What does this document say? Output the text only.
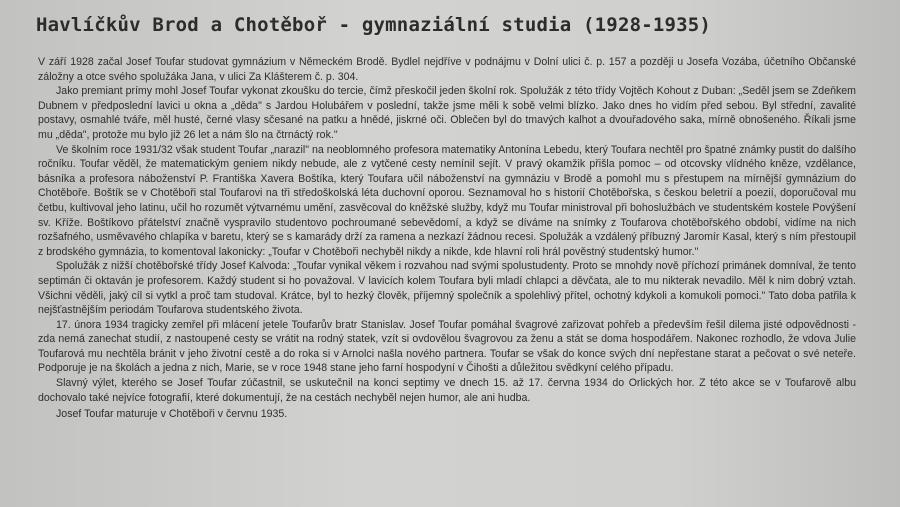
Havlíčkův Brod a Chotěboř - gymnaziální studia (1928-1935)

V září 1928 začal Josef Toufar studovat gymnázium v Německém Brodě. Bydlel nejdříve v podnájmu v Dolní ulici č. p. 157 a později u Josefa Vozába, účetního Občanské záložny a otce svého spolužáka Jana, v ulici Za Klášterem č. p. 304.

Jako premiant prímy mohl Josef Toufar vykonat zkoušku do tercie, čímž přeskočil jeden školní rok. Spolužák z této třídy Vojtěch Kohout z Duban: „Seděl jsem se Zdeňkem Dubnem v předposlední lavici u okna a „děda" s Jardou Holubářem v poslední, takže jsme měli k sobě velmi blízko. Jako dnes ho vidím před sebou. Byl střední, zavalité postavy, osmahlé tváře, měl husté, černé vlasy sčesané na patku a hnědé, jiskrné oči. Oblečen byl do tmavých kalhot a dvouřadového saka, mírně obnošeného. Říkali jsme mu „děda", protože mu bylo již 26 let a nám šlo na čtrnáctý rok."

Ve školním roce 1931/32 však student Toufar „narazil" na neoblomného profesora matematiky Antonína Lebedu, který Toufara nechtěl pro špatné známky pustit do dalšího ročníku. Toufar věděl, že matematickým geniem nikdy nebude, ale z vytčené cesty nemínil sejít. V pravý okamžik přišla pomoc – od otcovsky vlídného kněze, vzdělance, básníka a profesora náboženství P. Františka Xavera Boštíka, který Toufara učil náboženství na gymnáziu v Brodě a pomohl mu s přestupem na mírnější gymnázium do Chotěboře. Boštík se v Chotěboři stal Toufarovi na tři středoškolská léta duchovní oporou. Seznamoval ho s historií Chotěbořska, s českou beletrií a poezií, doporučoval mu četbu, kultivoval jeho latinu, učil ho rozumět výtvarnému umění, zasvěcoval do kněžské služby, když mu Toufar ministroval při bohoslužbách ve studentském kostele Povýšení sv. Kříže. Boštíkovo přátelství značně vyspravilo studentovo pochroumané sebevědomí, a když se díváme na snímky z Toufarova chotěbořského období, vidíme na nich rozšafného, usměvavého chlapíka v baretu, který se s kamarády drží za ramena a nezkazí žádnou recesi. Spolužák a vzdálený příbuzný Jaromír Kasal, který s ním přestoupil z brodského gymnázia, to komentoval lakonicky: „Toufar v Chotěboři nechyběl nikdy a nikde, kde hlavní roli hrál pověstný studentský humor."

Spolužák z nižší chotěbořské třídy Josef Kalvoda: „Toufar vynikal věkem i rozvahou nad svými spolustudenty. Proto se mnohdy nově příchozí primánek domníval, že tento septimán či oktaván je profesorem. Každý student si ho považoval. V lavicích kolem Toufara byli mladí chlapci a děvčata, ale to mu nikterak nevadilo. Měl k nim dobrý vztah. Všichni věděli, jaký cíl si vytkl a proč tam studoval. Krátce, byl to hezký člověk, příjemný společník a spolehlivý přítel, ochotný kdykoli a komukoli pomoci." Tato doba patřila k nejšťastnějším periodám Toufarova studentského života.

17. února 1934 tragicky zemřel při mlácení jetele Toufarův bratr Stanislav. Josef Toufar pomáhal švagrové zařizovat pohřeb a především řešil dilema jisté odpovědnosti - zda nemá zanechat studií, z nastoupené cesty se vrátit na rodný statek, vzít si ovdovělou švagrovou za ženu a stát se doma hospodářem. Nakonec rozhodlo, že vdova Julie Toufarová mu nechtěla bránit v jeho životní cestě a do roka si v Arnolci našla nového partnera. Toufar se však do konce svých dní nepřestane starat a pečovat o své neteře. Podporuje je na školách a jedna z nich, Marie, se v roce 1948 stane jeho farní hospodyní v Čihošti a důležitou svědkyní celého případu.

Slavný výlet, kterého se Josef Toufar zúčastnil, se uskutečnil na konci septimy ve dnech 15. až 17. června 1934 do Orlických hor. Z této akce se v Toufarově albu dochovalo také nejvíce fotografií, které dokumentují, že na cestách nechyběl nejen humor, ale ani hudba.

Josef Toufar maturuje v Chotěboři v červnu 1935.
